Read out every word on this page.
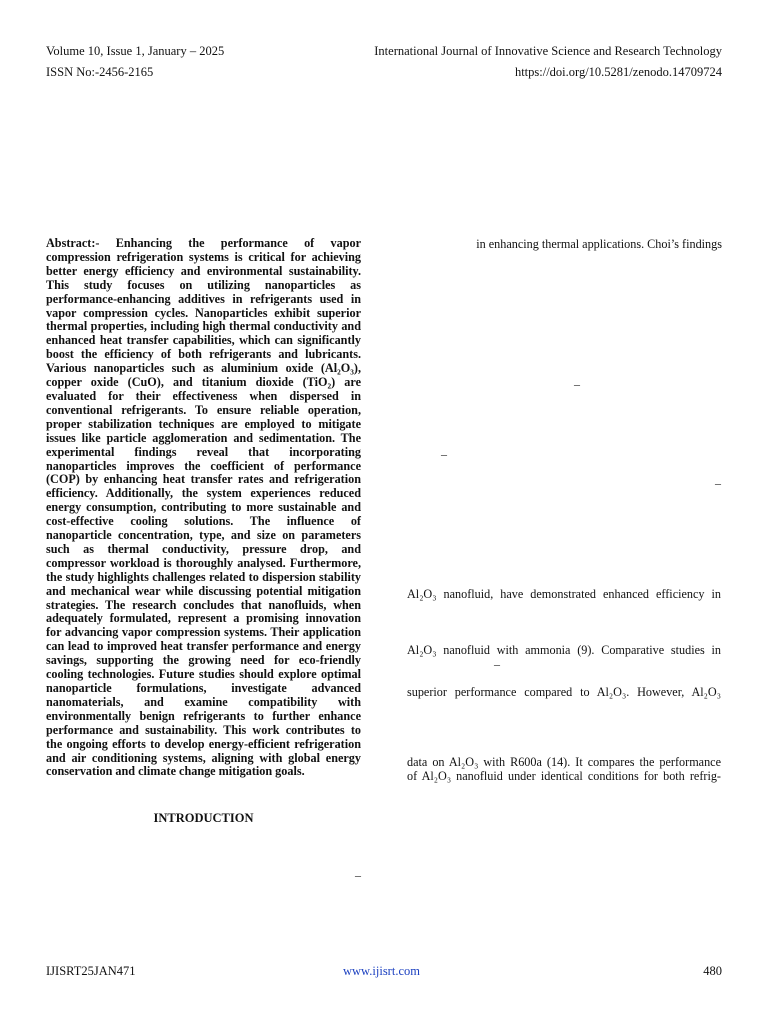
Volume 10, Issue 1, January – 2025	International Journal of Innovative Science and Research Technology
ISSN No:-2456-2165	https://doi.org/10.5281/zenodo.14709724
Abstract:- Enhancing the performance of vapor compression refrigeration systems is critical for achieving better energy efficiency and environmental sustainability. This study focuses on utilizing nanoparticles as performance-enhancing additives in refrigerants used in vapor compression cycles. Nanoparticles exhibit superior thermal properties, including high thermal conductivity and enhanced heat transfer capabilities, which can significantly boost the efficiency of both refrigerants and lubricants. Various nanoparticles such as aluminium oxide (Al₂O₃), copper oxide (CuO), and titanium dioxide (TiO₂) are evaluated for their effectiveness when dispersed in conventional refrigerants. To ensure reliable operation, proper stabilization techniques are employed to mitigate issues like particle agglomeration and sedimentation. The experimental findings reveal that incorporating nanoparticles improves the coefficient of performance (COP) by enhancing heat transfer rates and refrigeration efficiency. Additionally, the system experiences reduced energy consumption, contributing to more sustainable and cost-effective cooling solutions. The influence of nanoparticle concentration, type, and size on parameters such as thermal conductivity, pressure drop, and compressor workload is thoroughly analysed. Furthermore, the study highlights challenges related to dispersion stability and mechanical wear while discussing potential mitigation strategies. The research concludes that nanofluids, when adequately formulated, represent a promising innovation for advancing vapor compression systems. Their application can lead to improved heat transfer performance and energy savings, supporting the growing need for eco-friendly cooling technologies. Future studies should explore optimal nanoparticle formulations, investigate advanced nanomaterials, and examine compatibility with environmentally benign refrigerants to further enhance performance and sustainability. This work contributes to the ongoing efforts to develop energy-efficient refrigeration and air conditioning systems, aligning with global energy conservation and climate change mitigation goals.
INTRODUCTION
–
in enhancing thermal applications. Choi’s findings
–
–
–
Al₂O₃ nanofluid, have demonstrated enhanced efficiency in
Al₂O₃ nanofluid with ammonia (9). Comparative studies in
–
superior performance compared to Al₂O₃. However, Al₂O₃
data on Al₂O₃ with R600a (14). It compares the performance
of Al₂O₃ nanofluid under identical conditions for both refrig-
IJISRT25JAN471	www.ijisrt.com	480
